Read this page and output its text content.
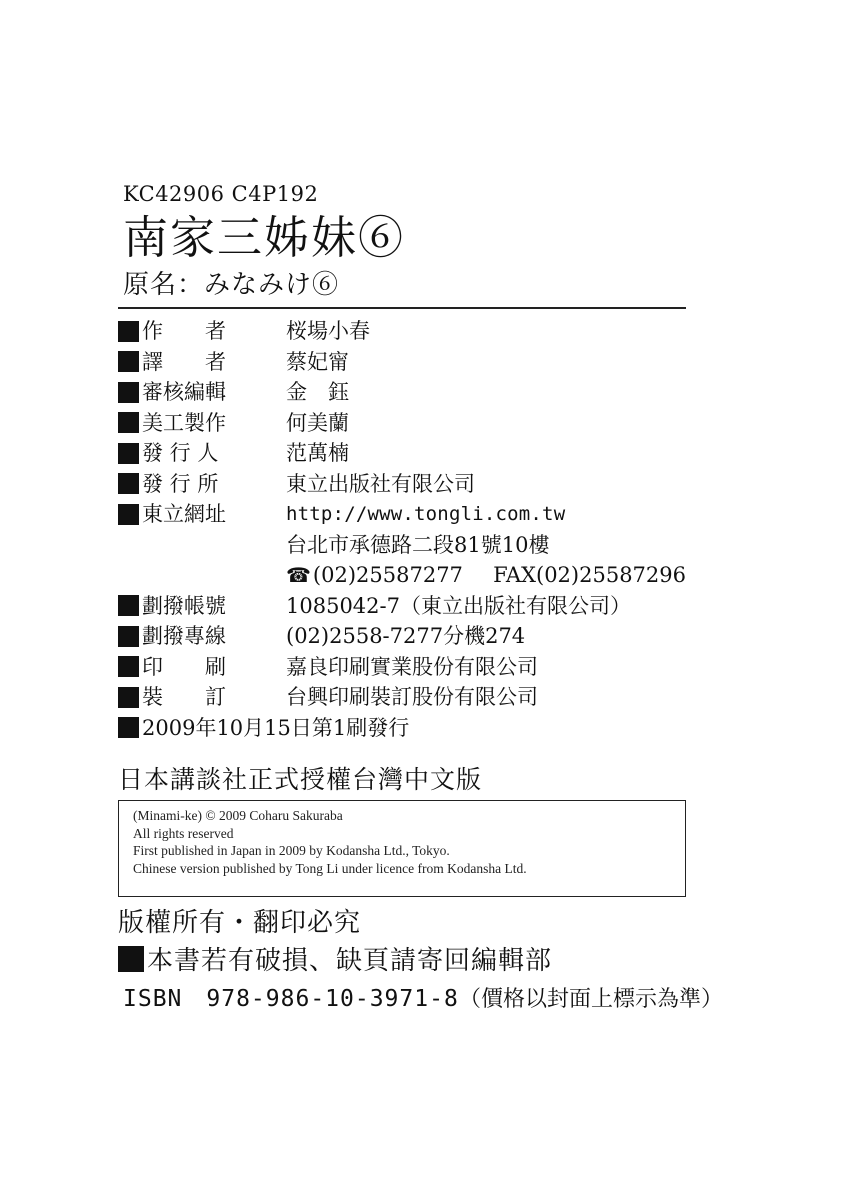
KC42906 C4P192
南家三姊妹⑥
原名：みなみけ⑥
作　　者	桜場小春
譯　　者	蔡妃甯
審核編輯	金　鈺
美工製作	何美蘭
發 行 人	范萬楠
發 行 所	東立出版社有限公司
東立網址	http://www.tongli.com.tw
台北市承德路二段81號10樓
☎(02)25587277 FAX(02)25587296
劃撥帳號	1085042-7（東立出版社有限公司）
劃撥專線	(02)2558-7277分機274
印　　刷	嘉良印刷實業股份有限公司
裝　　訂	台興印刷裝訂股份有限公司
2009年10月15日第1刷發行
日本講談社正式授權台灣中文版
(Minami-ke) © 2009 Coharu Sakuraba
All rights reserved
First published in Japan in 2009 by Kodansha Ltd., Tokyo.
Chinese version published by Tong Li under licence from Kodansha Ltd.
版權所有・翻印必究
本書若有破損、缺頁請寄回編輯部
ISBN　978-986-10-3971-8 （價格以封面上標示為準）
